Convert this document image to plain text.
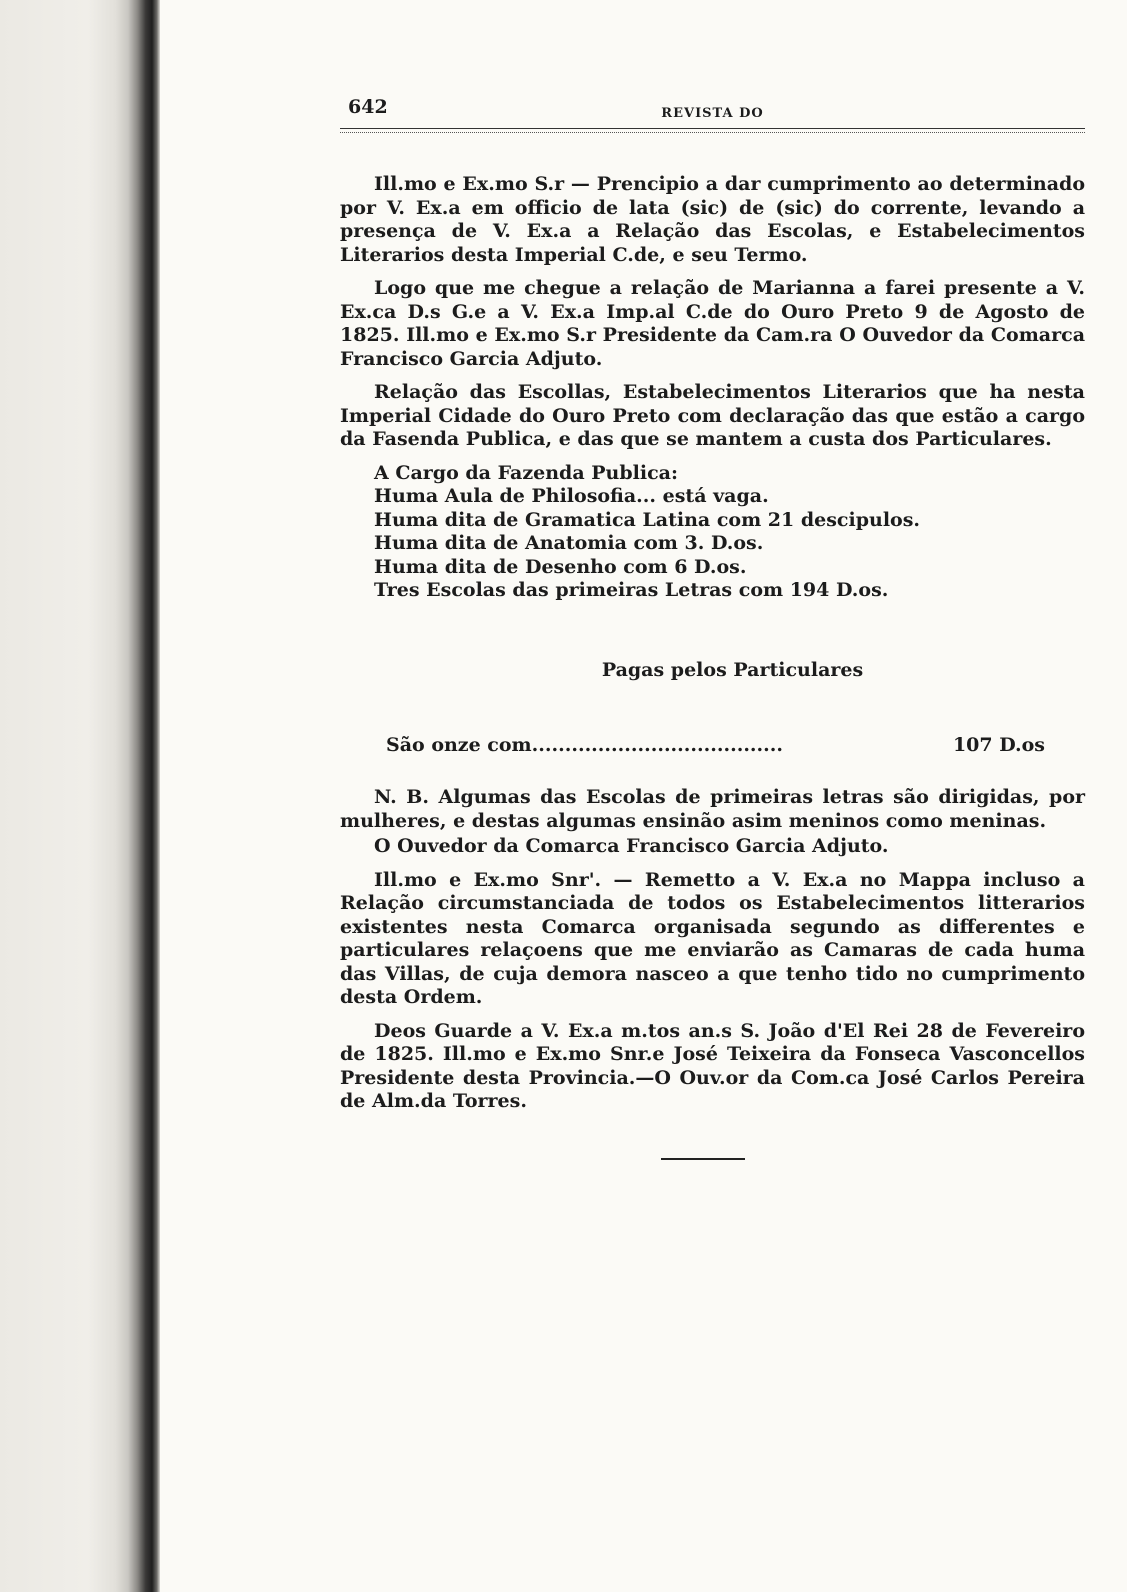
642	REVISTA DO

Ill.mo e Ex.mo S.r — Prencipio a dar cumprimento ao determinado por V. Ex.a em officio de lata (sic) de (sic) do corrente, levando a presença de V. Ex.a a Relação das Escolas, e Estabelecimentos Literarios desta Imperial C.de, e seu Termo.

Logo que me chegue a relação de Marianna a farei presente a V. Ex.ca D.s G.e a V. Ex.a Imp.al C.de do Ouro Preto 9 de Agosto de 1825. Ill.mo e Ex.mo S.r Presidente da Cam.ra O Ouvedor da Comarca Francisco Garcia Adjuto.

Relação das Escollas, Estabelecimentos Literarios que ha nesta Imperial Cidade do Ouro Preto com declaração das que estão a cargo da Fasenda Publica, e das que se mantem a custa dos Particulares.

A Cargo da Fazenda Publica:
Huma Aula de Philosofia... está vaga.
Huma dita de Gramatica Latina com 21 descipulos.
Huma dita de Anatomia com 3. D.os.
Huma dita de Desenho com 6 D.os.
Tres Escolas das primeiras Letras com 194 D.os.
Pagas pelos Particulares
São onze com......................................	107 D.os

N. B. Algumas das Escolas de primeiras letras são dirigidas, por mulheres, e destas algumas ensinão asim meninos como meninas.

O Ouvedor da Comarca Francisco Garcia Adjuto.

Ill.mo e Ex.mo Snr'. — Remetto a V. Ex.a no Mappa incluso a Relação circumstanciada de todos os Estabelecimentos litterarios existentes nesta Comarca organisada segundo as differentes e particulares relaçoens que me enviarão as Camaras de cada huma das Villas, de cuja demora nasceo a que tenho tido no cumprimento desta Ordem.

Deos Guarde a V. Ex.a m.tos an.s S. João d'El Rei 28 de Fevereiro de 1825. Ill.mo e Ex.mo Snr.e José Teixeira da Fonseca Vasconcellos Presidente desta Provincia.—O Ouv.or da Com.ca José Carlos Pereira de Alm.da Torres.
